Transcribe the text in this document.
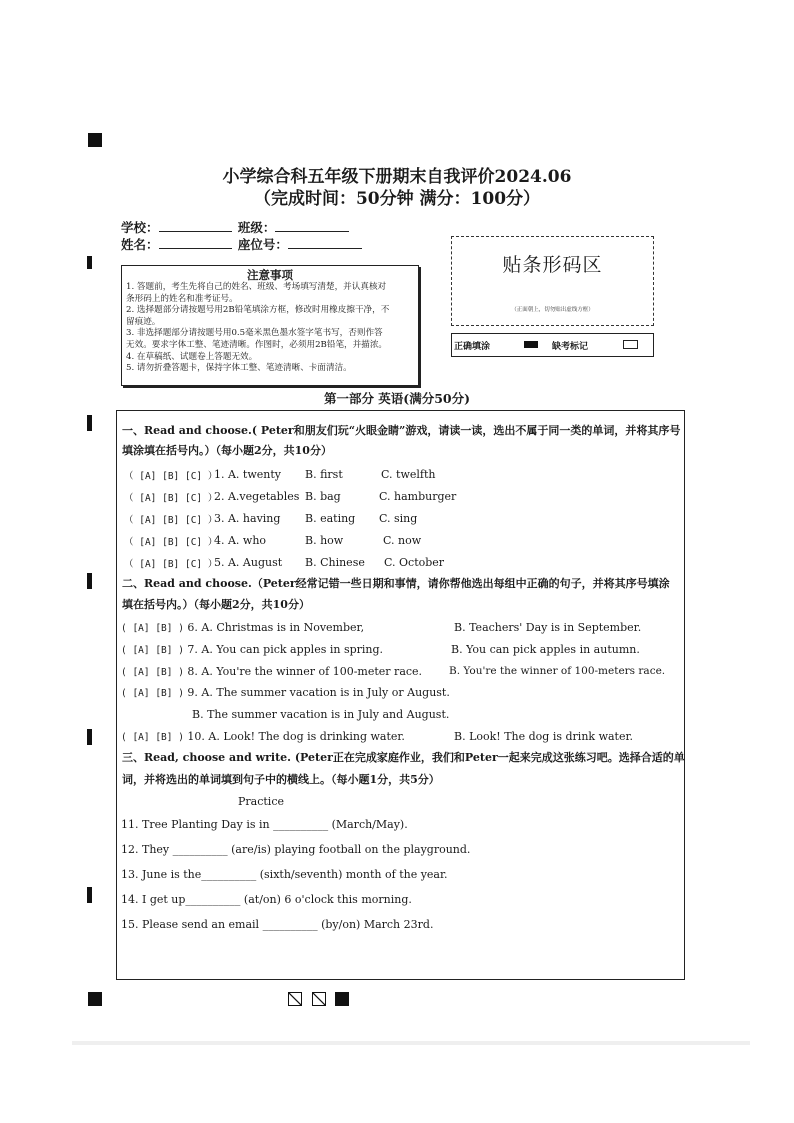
小学综合科五年级下册期末自我评价2024.06
（完成时间：50分钟 满分：100分）
学校：	班级：
姓名：	座位号：
注意事项
1. 答题前，考生先将自己的姓名、班级、考场填写清楚，并认真核对
条形码上的姓名和准考证号。
2. 选择题部分请按题号用2B铅笔填涂方框，修改时用橡皮擦干净，不
留痕迹。
3. 非选择题部分请按题号用0.5毫米黑色墨水签字笔书写，否则作答
无效。要求字体工整、笔迹清晰。作图时，必须用2B铅笔，并描浓。
4. 在草稿纸、试题卷上答题无效。
5. 请勿折叠答题卡，保持字体工整、笔迹清晰、卡面清洁。
贴条形码区
（正面朝上，切勿贴出虚线方框）
正确填涂	缺考标记
第一部分 英语(满分50分)
一、Read and choose.( Peter和朋友们玩“火眼金睛”游戏，请读一读，选出不属于同一类的单词，并将其序号
填涂填在括号内。）（每小题2分，共10分）
（ [A] [B] [C] ）
1. A. twenty B. first	C. twelfth
（ [A] [B] [C] ）
2. A.vegetables B. bag	C. hamburger
（ [A] [B] [C] ）
3. A. having B. eating C. sing
（ [A] [B] [C] ）
4. A. who	B. how	C. now
（ [A] [B] [C] ）
5. A. August B. Chinese C. October
二、Read and choose.（Peter经常记错一些日期和事情，请你帮他选出每组中正确的句子，并将其序号填涂
填在括号内。）（每小题2分，共10分）
( [A] [B] ) 6. A. Christmas is in November,	B. Teachers' Day is in September.
( [A] [B] ) 7. A. You can pick apples in spring.	B. You can pick apples in autumn.
( [A] [B] ) 8. A. You're the winner of 100-meter race.	B. You're the winner of 100-meters race.
( [A] [B] ) 9. A. The summer vacation is in July or August.
B. The summer vacation is in July and August.
( [A] [B] ) 10. A. Look! The dog is drinking water.	B. Look! The dog is drink water.
三、Read, choose and write. (Peter正在完成家庭作业，我们和Peter一起来完成这张练习吧。选择合适的单
词，并将选出的单词填到句子中的横线上。（每小题1分，共5分）
Practice
11. Tree Planting Day is in __________ (March/May).
12. They __________ (are/is) playing football on the playground.
13. June is the__________ (sixth/seventh) month of the year.
14. I get up__________ (at/on) 6 o'clock this morning.
15. Please send an email __________ (by/on) March 23rd.
